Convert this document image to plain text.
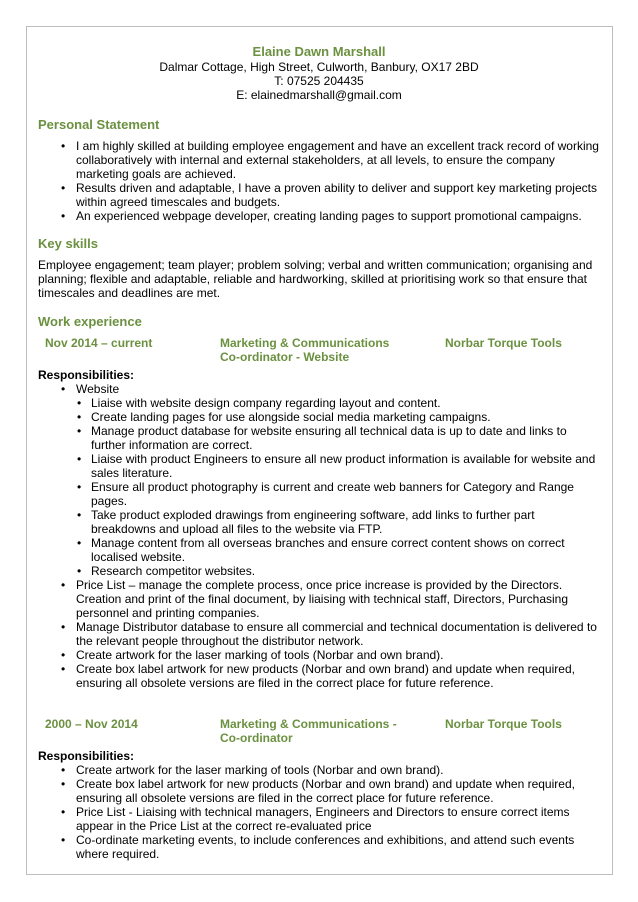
Elaine Dawn Marshall
Dalmar Cottage, High Street, Culworth, Banbury, OX17 2BD
T: 07525 204435
E: elainedmarshall@gmail.com
Personal Statement
• I am highly skilled at building employee engagement and have an excellent track record of working collaboratively with internal and external stakeholders, at all levels, to ensure the company marketing goals are achieved.
• Results driven and adaptable, I have a proven ability to deliver and support key marketing projects within agreed timescales and budgets.
• An experienced webpage developer, creating landing pages to support promotional campaigns.
Key skills

Employee engagement; team player; problem solving; verbal and written communication; organising and planning; flexible and adaptable, reliable and hardworking, skilled at prioritising work so that ensure that timescales and deadlines are met.

Work experience
Nov 2014 – current	Marketing & Communications Co-ordinator - Website
Norbar Torque Tools
Responsibilities:
• Website
• Liaise with website design company regarding layout and content.
• Create landing pages for use alongside social media marketing campaigns.
• Manage product database for website ensuring all technical data is up to date and links to further information are correct.
• Liaise with product Engineers to ensure all new product information is available for website and sales literature.
• Ensure all product photography is current and create web banners for Category and Range pages.
• Take product exploded drawings from engineering software, add links to further part breakdowns and upload all files to the website via FTP.
• Manage content from all overseas branches and ensure correct content shows on correct localised website.
• Research competitor websites.
• Price List – manage the complete process, once price increase is provided by the Directors. Creation and print of the final document, by liaising with technical staff, Directors, Purchasing personnel and printing companies.
• Manage Distributor database to ensure all commercial and technical documentation is delivered to the relevant people throughout the distributor network.
• Create artwork for the laser marking of tools (Norbar and own brand).
• Create box label artwork for new products (Norbar and own brand) and update when required, ensuring all obsolete versions are filed in the correct place for future reference.
2000 – Nov 2014	Marketing & Communications - Co-ordinator
Norbar Torque Tools
Responsibilities:
• Create artwork for the laser marking of tools (Norbar and own brand).
• Create box label artwork for new products (Norbar and own brand) and update when required, ensuring all obsolete versions are filed in the correct place for future reference.
• Price List - Liaising with technical managers, Engineers and Directors to ensure correct items appear in the Price List at the correct re-evaluated price
• Co-ordinate marketing events, to include conferences and exhibitions, and attend such events where required.
